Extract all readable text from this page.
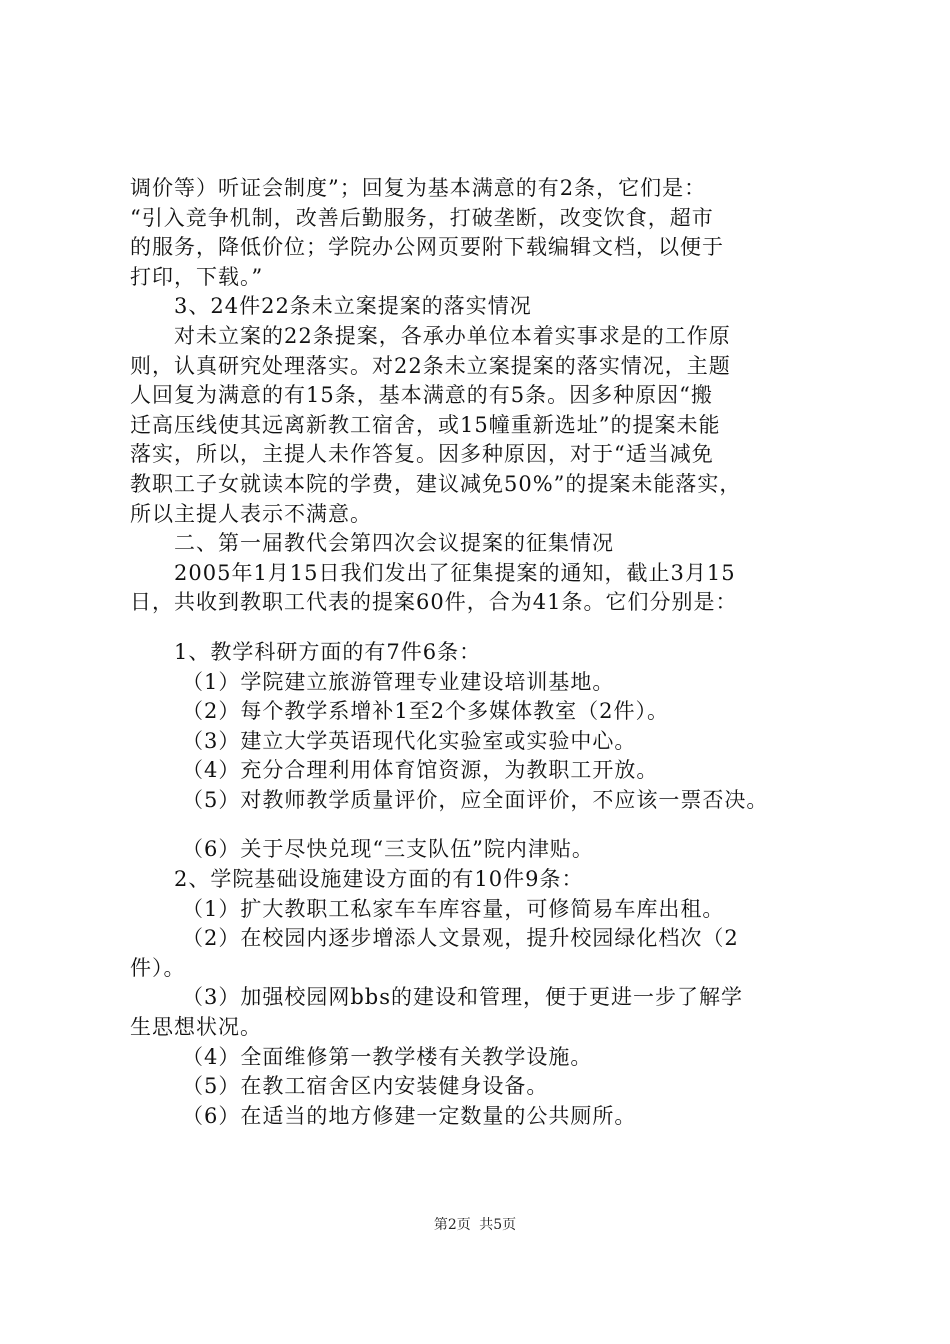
调价等）听证会制度”；回复为基本满意的有2条，它们是：
“引入竞争机制，改善后勤服务，打破垄断，改变饮食，超市
的服务，降低价位；学院办公网页要附下载编辑文档，以便于
打印，下载。”
3、24件22条未立案提案的落实情况
对未立案的22条提案，各承办单位本着实事求是的工作原
则，认真研究处理落实。对22条未立案提案的落实情况，主题
人回复为满意的有15条，基本满意的有5条。因多种原因“搬
迁高压线使其远离新教工宿舍，或15幢重新选址”的提案未能
落实，所以，主提人未作答复。因多种原因，对于“适当减免
教职工子女就读本院的学费，建议减免50%”的提案未能落实，
所以主提人表示不满意。
二、第一届教代会第四次会议提案的征集情况
2005年1月15日我们发出了征集提案的通知，截止3月15
日，共收到教职工代表的提案60件，合为41条。它们分别是：
1、教学科研方面的有7件6条：
（1）学院建立旅游管理专业建设培训基地。
（2）每个教学系增补1至2个多媒体教室（2件）。
（3）建立大学英语现代化实验室或实验中心。
（4）充分合理利用体育馆资源，为教职工开放。
（5）对教师教学质量评价，应全面评价，不应该一票否决。
（6）关于尽快兑现“三支队伍”院内津贴。
2、学院基础设施建设方面的有10件9条：
（1）扩大教职工私家车车库容量，可修简易车库出租。
（2）在校园内逐步增添人文景观，提升校园绿化档次（2
件）。
（3）加强校园网bbs的建设和管理，便于更进一步了解学
生思想状况。
（4）全面维修第一教学楼有关教学设施。
（5）在教工宿舍区内安装健身设备。
（6）在适当的地方修建一定数量的公共厕所。
第2页 共5页
